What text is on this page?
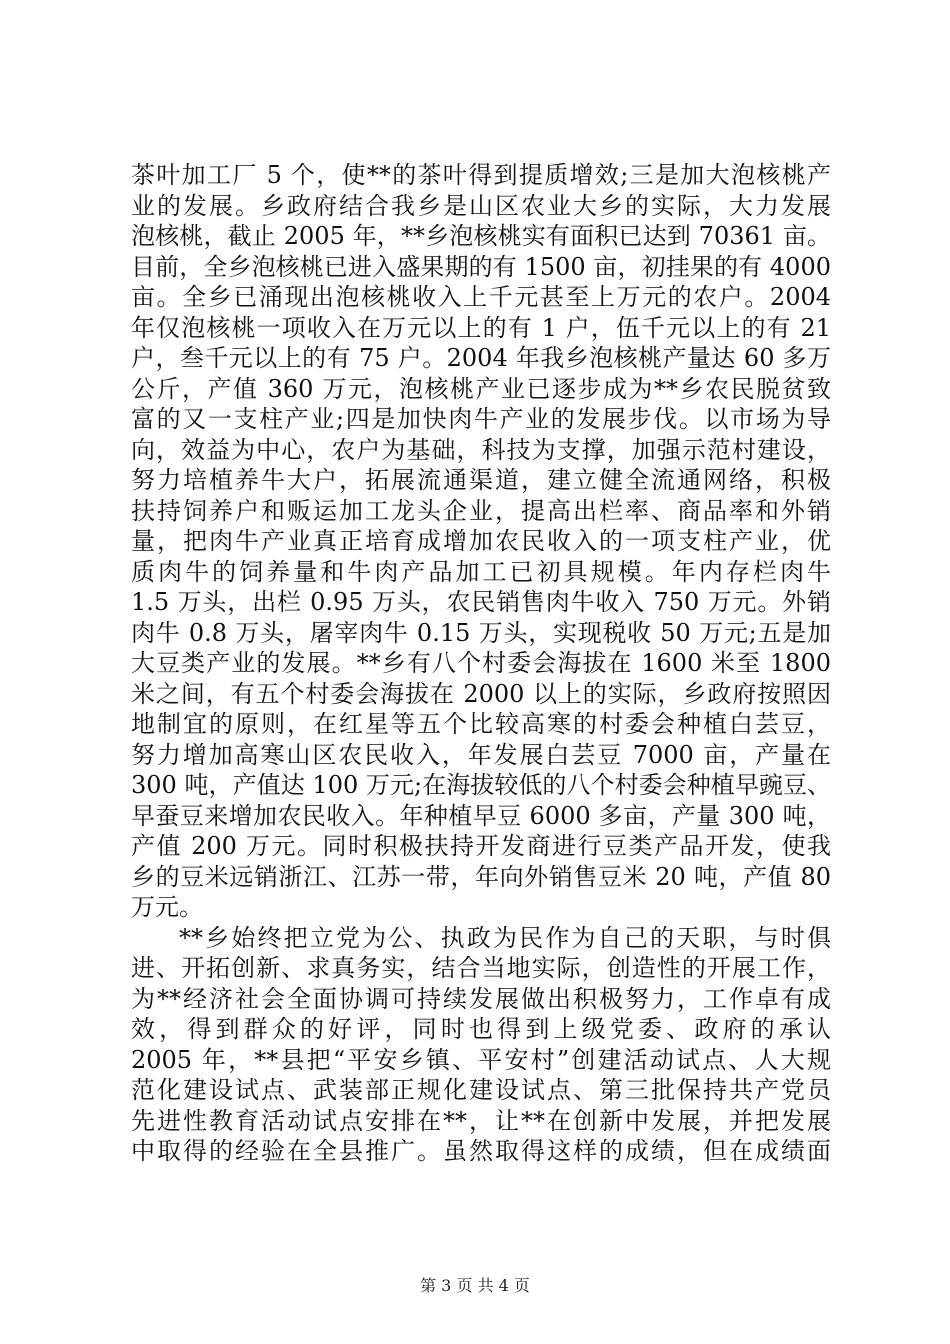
茶叶加工厂 5 个，使**的茶叶得到提质增效;三是加大泡核桃产
业的发展。乡政府结合我乡是山区农业大乡的实际，大力发展
泡核桃，截止 2005 年，**乡泡核桃实有面积已达到 70361 亩。
目前，全乡泡核桃已进入盛果期的有 1500 亩，初挂果的有 4000
亩。全乡已涌现出泡核桃收入上千元甚至上万元的农户。2004
年仅泡核桃一项收入在万元以上的有 1 户，伍千元以上的有 21
户，叁千元以上的有 75 户。2004 年我乡泡核桃产量达 60 多万
公斤，产值 360 万元，泡核桃产业已逐步成为**乡农民脱贫致
富的又一支柱产业;四是加快肉牛产业的发展步伐。以市场为导
向，效益为中心，农户为基础，科技为支撑，加强示范村建设，
努力培植养牛大户，拓展流通渠道，建立健全流通网络，积极
扶持饲养户和贩运加工龙头企业，提高出栏率、商品率和外销
量，把肉牛产业真正培育成增加农民收入的一项支柱产业，优
质肉牛的饲养量和牛肉产品加工已初具规模。年内存栏肉牛
1.5 万头，出栏 0.95 万头，农民销售肉牛收入 750 万元。外销
肉牛 0.8 万头，屠宰肉牛 0.15 万头，实现税收 50 万元;五是加
大豆类产业的发展。**乡有八个村委会海拔在 1600 米至 1800
米之间，有五个村委会海拔在 2000 以上的实际，乡政府按照因
地制宜的原则，在红星等五个比较高寒的村委会种植白芸豆，
努力增加高寒山区农民收入，年发展白芸豆 7000 亩，产量在
300 吨，产值达 100 万元;在海拔较低的八个村委会种植早豌豆、
早蚕豆来增加农民收入。年种植早豆 6000 多亩，产量 300 吨，
产值 200 万元。同时积极扶持开发商进行豆类产品开发，使我
乡的豆米远销浙江、江苏一带，年向外销售豆米 20 吨，产值 80
万元。
**乡始终把立党为公、执政为民作为自己的天职，与时俱
进、开拓创新、求真务实，结合当地实际，创造性的开展工作，
为**经济社会全面协调可持续发展做出积极努力，工作卓有成
效，得到群众的好评，同时也得到上级党委、政府的承认
2005 年，**县把“平安乡镇、平安村”创建活动试点、人大规
范化建设试点、武装部正规化建设试点、第三批保持共产党员
先进性教育活动试点安排在**，让**在创新中发展，并把发展
中取得的经验在全县推广。虽然取得这样的成绩，但在成绩面
第 3 页 共 4 页
